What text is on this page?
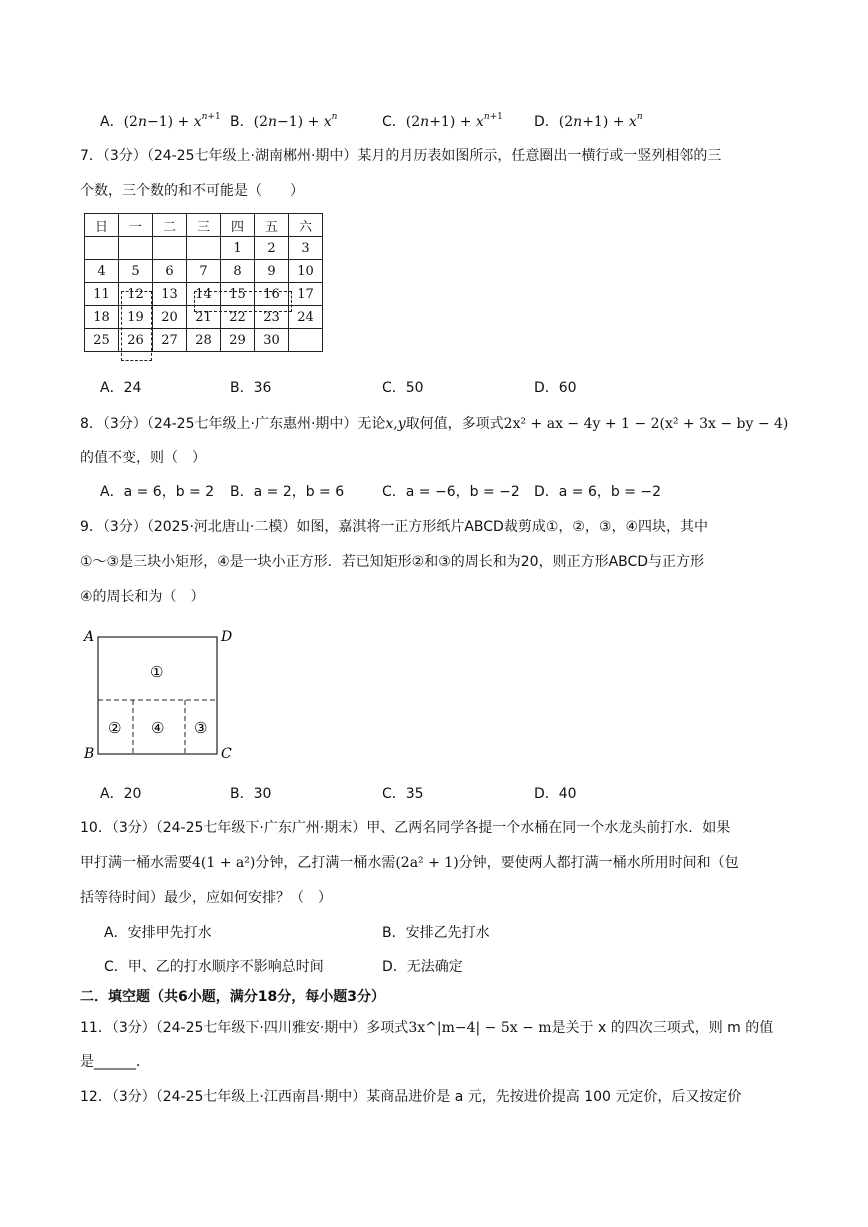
A．$(2n-1) + x^{n+1}$ B．$(2n-1) + x^n$	C．$(2n+1) + x^{n+1}$ D．$(2n+1) + x^n$
7．（3分）（24-25七年级上·湖南郴州·期中）某月的月历表如图所示，任意圈出一横行或一竖列相邻的三
个数，三个数的和不可能是（　　）
日	一	二	三	四	五	六
				1	2	3
4	5	6	7	8	9	10
11	12	13	14	15	16	17
18	19	20	21	22	23	24
25	26	27	28	29	30	
A．24	B．36	C．50	D．60
8．（3分）（24-25七年级上·广东惠州·期中）无论x,y取何值，多项式2x² + ax − 4y + 1 − 2(x² + 3x − by − 4)
的值不变，则（　）
A．a = 6，b = 2 B．a = 2，b = 6	C．a = −6，b = −2 D．a = 6，b = −2
9．（3分）（2025·河北唐山·二模）如图，嘉淇将一正方形纸片ABCD裁剪成①，②，③，④四块，其中
①～③是三块小矩形，④是一块小正方形．若已知矩形②和③的周长和为20，则正方形ABCD与正方形
④的周长和为（　）
A	D
B	C
①
② ④ ③
A．20	B．30	C．35	D．40
10．（3分）（24-25七年级下·广东广州·期末）甲、乙两名同学各提一个水桶在同一个水龙头前打水．如果
甲打满一桶水需要4(1 + a²)分钟，乙打满一桶水需(2a² + 1)分钟，要使两人都打满一桶水所用时间和（包
括等待时间）最少，应如何安排？（　）
A．安排甲先打水	B．安排乙先打水
C．甲、乙的打水顺序不影响总时间	D．无法确定
二．填空题（共6小题，满分18分，每小题3分）
11．（3分）（24-25七年级下·四川雅安·期中）多项式3x^|m−4| − 5x − m是关于 x 的四次三项式，则 m 的值
是______．
12．（3分）（24-25七年级上·江西南昌·期中）某商品进价是 a 元，先按进价提高 100 元定价，后又按定价
